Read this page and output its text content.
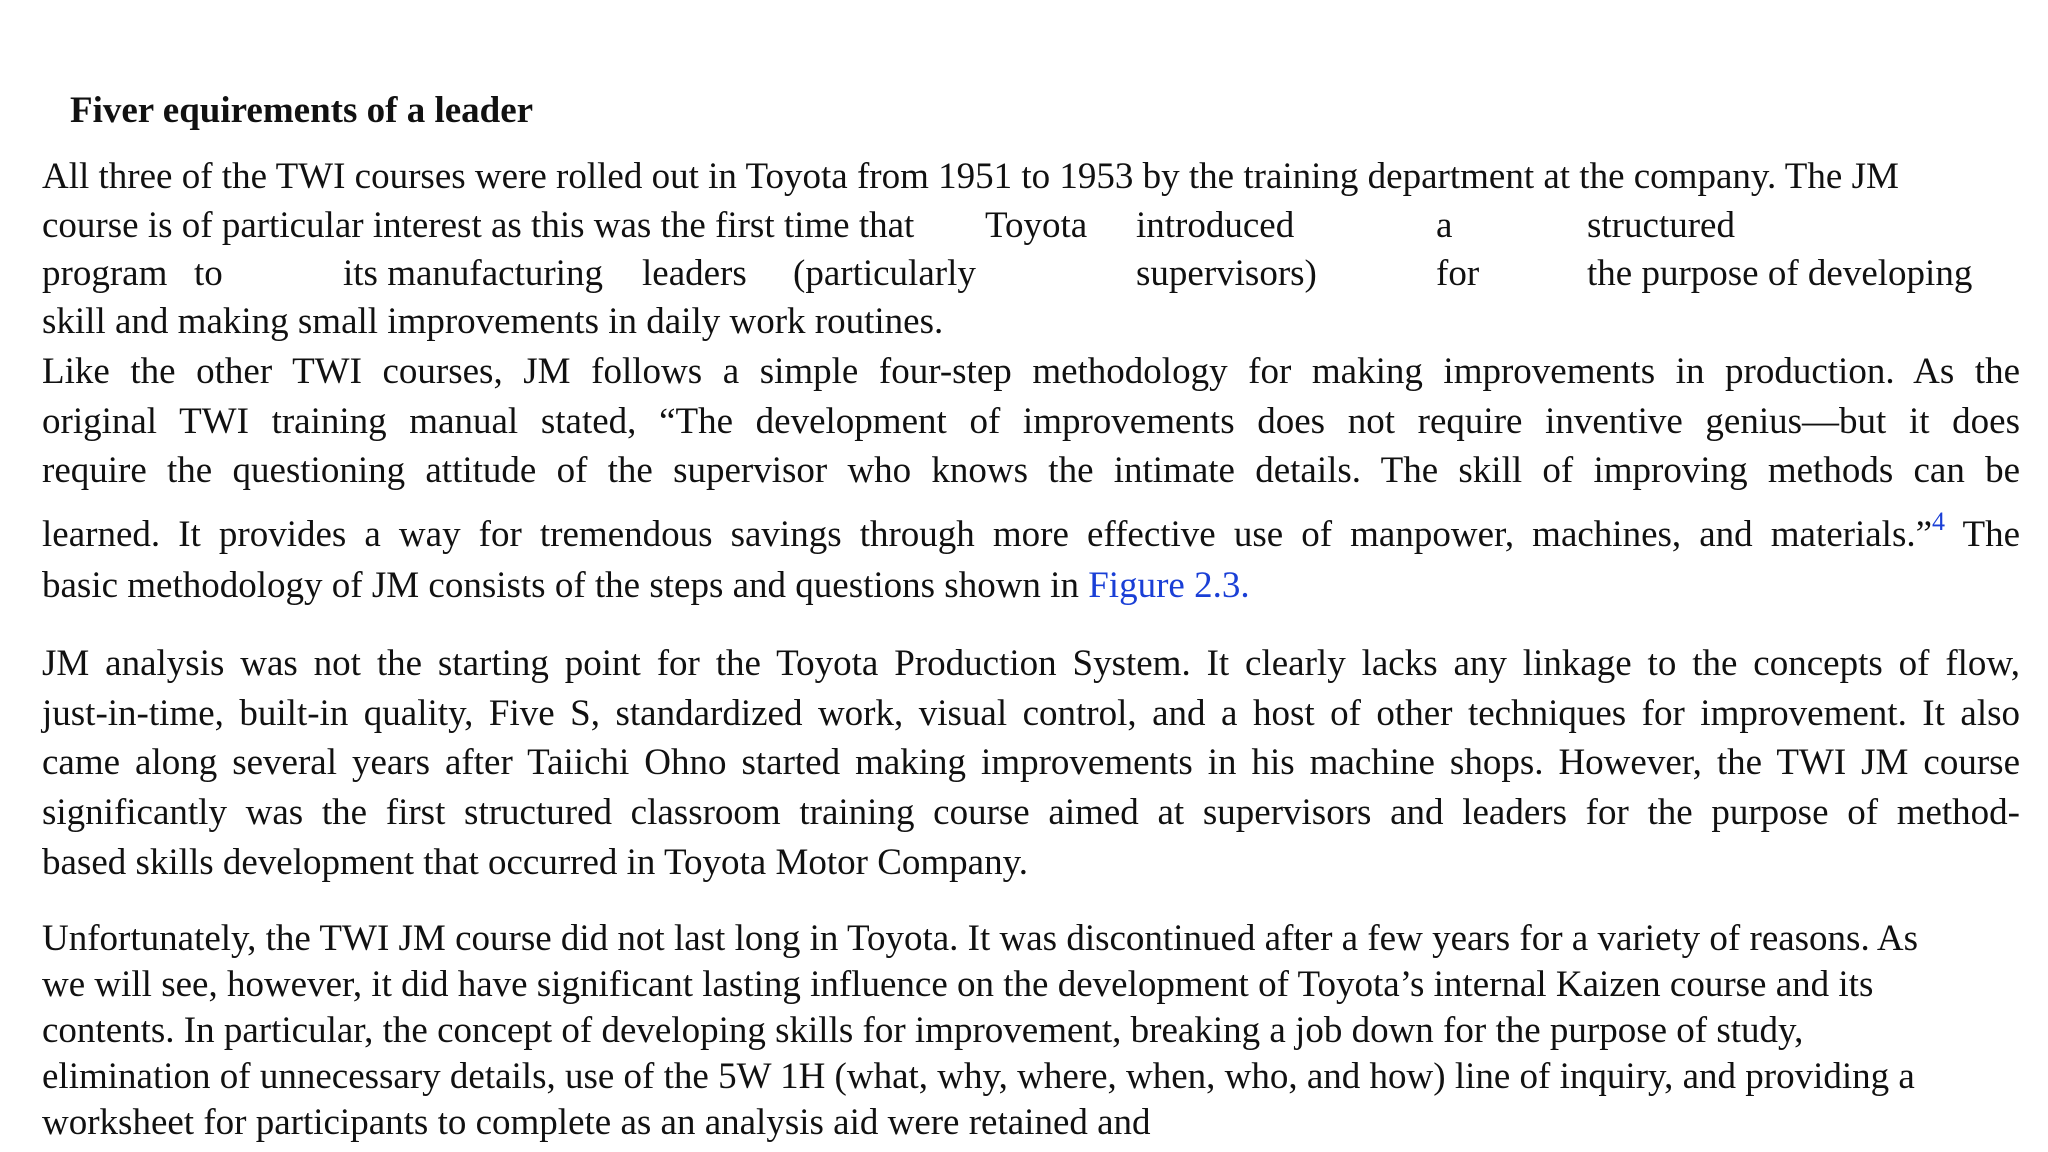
Fiver equirements of a leader
All three of the TWI courses were rolled out in Toyota from 1951 to 1953 by the training department at the company. The JM
course is of particular interest as this was the first time that Toyota introduced	a	structured
program to	its manufacturing leaders (particularly	supervisors)	for	the purpose of developing
skill and making small improvements in daily work routines.
Like the other TWI courses, JM follows a simple four-step methodology for making improvements in production. As the
original TWI training manual stated, “The development of improvements does not require inventive genius—but it does
require the questioning attitude of the supervisor who knows the intimate details. The skill of improving methods can be
learned. It provides a way for tremendous savings through more effective use of manpower, machines, and materials.”$^4$ The
basic methodology of JM consists of the steps and questions shown in Figure 2.3.
JM analysis was not the starting point for the Toyota Production System. It clearly lacks any linkage to the concepts of flow,
just-in-time, built-in quality, Five S, standardized work, visual control, and a host of other techniques for improvement. It also
came along several years after Taiichi Ohno started making improvements in his machine shops. However, the TWI JM course
significantly was the first structured classroom training course aimed at supervisors and leaders for the purpose of method-
based skills development that occurred in Toyota Motor Company.
Unfortunately, the TWI JM course did not last long in Toyota. It was discontinued after a few years for a variety of reasons. As
we will see, however, it did have significant lasting influence on the development of Toyota’s internal Kaizen course and its
contents. In particular, the concept of developing skills for improvement, breaking a job down for the purpose of study,
elimination of unnecessary details, use of the 5W 1H (what, why, where, when, who, and how) line of inquiry, and providing a
worksheet for participants to complete as an analysis aid were retained and
